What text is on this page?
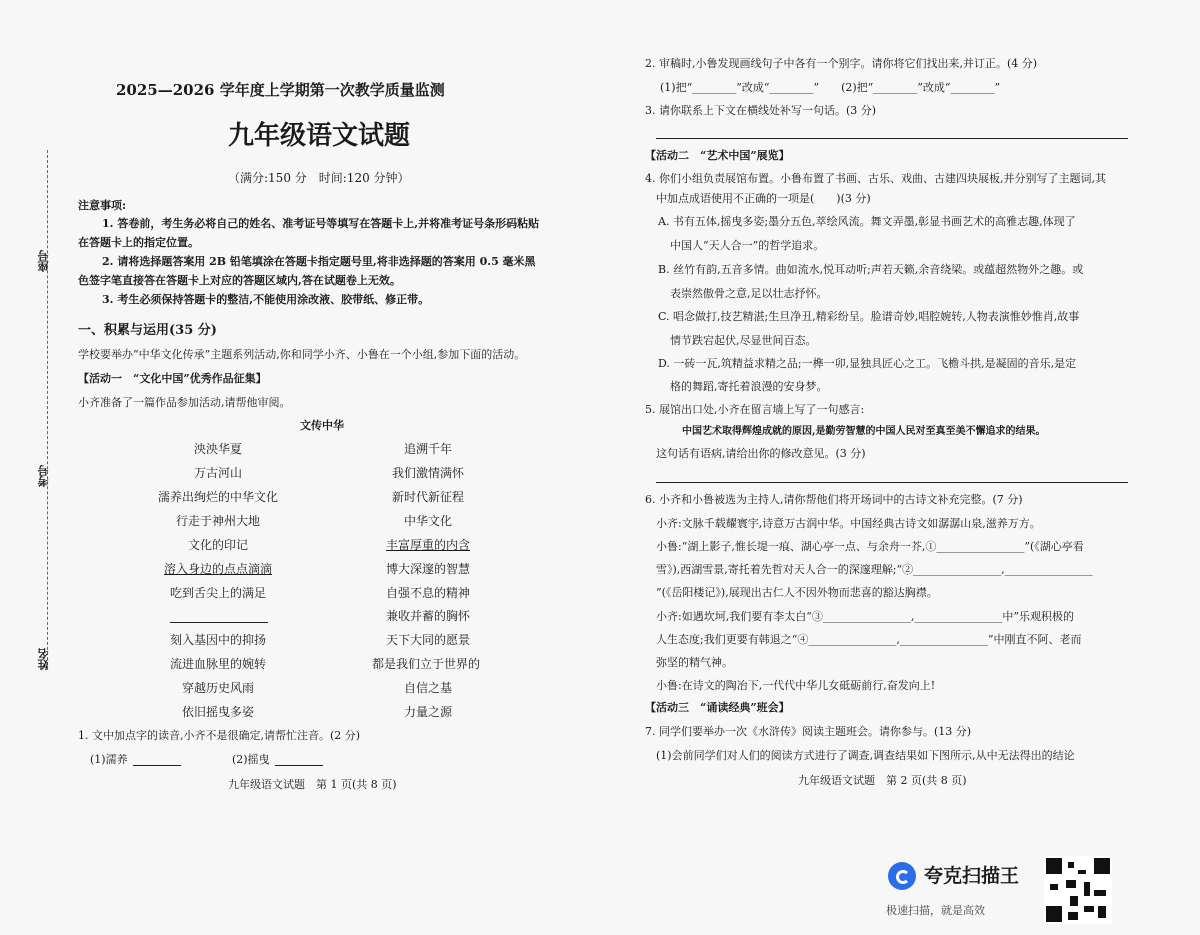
座号
考号
姓名
2025—2026 学年度上学期第一次教学质量监测
九年级语文试题
（满分:150 分　时间:120 分钟）
注意事项:
1. 答卷前，考生务必将自己的姓名、准考证号等填写在答题卡上,并将准考证号条形码粘贴
在答题卡上的指定位置。
2. 请将选择题答案用 2B 铅笔填涂在答题卡指定题号里,将非选择题的答案用 0.5 毫米黑
色签字笔直接答在答题卡上对应的答题区域内,答在试题卷上无效。
3. 考生必须保持答题卡的整洁,不能使用涂改液、胶带纸、修正带。
一、积累与运用(35 分)
学校要举办“中华文化传承”主题系列活动,你和同学小齐、小鲁在一个小组,参加下面的活动。
【活动一　“文化中国”优秀作品征集】
小齐准备了一篇作品参加活动,请帮他审阅。
文传中华
泱泱华夏
万古河山
濡养出绚烂的中华文化
行走于神州大地
文化的印记
溶入身边的点点滴滴
吃到舌尖上的满足
刻入基因中的抑扬
流进血脉里的婉转
穿越历史风雨
依旧摇曳多姿
追溯千年
我们激情满怀
新时代新征程
中华文化
丰富厚重的内含
博大深邃的智慧
自强不息的精神
兼收并蓄的胸怀
天下大同的愿景
都是我们立于世界的
自信之基
力量之源
1. 文中加点字的读音,小齐不是很确定,请帮忙注音。(2 分)
(1)濡养	(2)摇曳
九年级语文试题　第 1 页(共 8 页)
2. 审稿时,小鲁发现画线句子中各有一个别字。请你将它们找出来,并订正。(4 分)
(1)把“________”改成“________”　　(2)把“________”改成“________”
3. 请你联系上下文在横线处补写一句话。(3 分)
【活动二　“艺术中国”展览】
4. 你们小组负责展馆布置。小鲁布置了书画、古乐、戏曲、古建四块展板,并分别写了主题词,其
中加点成语使用不正确的一项是(　　)(3 分)
A. 书有五体,摇曳多姿;墨分五色,萃绘风流。舞文弄墨,彰显书画艺术的高雅志趣,体现了
中国人“天人合一”的哲学追求。
B. 丝竹有韵,五音多情。曲如流水,悦耳动听;声若天籁,余音绕梁。或蕴超然物外之趣。或
表崇然傲骨之意,足以壮志抒怀。
C. 唱念做打,技艺精湛;生旦净丑,精彩纷呈。脸谱奇妙,唱腔婉转,人物表演惟妙惟肖,故事
情节跌宕起伏,尽显世间百态。
D. 一砖一瓦,筑精益求精之品;一榫一卯,显独具匠心之工。飞檐斗拱,是凝固的音乐,是定
格的舞蹈,寄托着浪漫的安身梦。
5. 展馆出口处,小齐在留言墙上写了一句感言:
中国艺术取得辉煌成就的原因,是勤劳智慧的中国人民对至真至美不懈追求的结果。
这句话有语病,请给出你的修改意见。(3 分)
6. 小齐和小鲁被选为主持人,请你帮他们将开场词中的古诗文补充完整。(7 分)
小齐:文脉千载耀寰宇,诗意万古润中华。中国经典古诗文如潺潺山泉,滋养万方。
小鲁:“湖上影子,惟长堤一痕、湖心亭一点、与余舟一芥,①________________”(《湖心亭看
雪》),西湖雪景,寄托着先哲对天人合一的深邃理解;“②________________,________________
”(《岳阳楼记》),展现出古仁人不因外物而悲喜的豁达胸襟。
小齐:如遇坎坷,我们要有李太白“③________________,________________中”乐观积极的
人生态度;我们更要有韩退之“④________________,________________”中刚直不阿、老而
弥坚的精气神。
小鲁:在诗文的陶冶下,一代代中华儿女砥砺前行,奋发向上!
【活动三　“诵读经典”班会】
7. 同学们要举办一次《水浒传》阅读主题班会。请你参与。(13 分)
(1)会前同学们对人们的阅读方式进行了调查,调查结果如下图所示,从中无法得出的结论
九年级语文试题　第 2 页(共 8 页)
夸克扫描王
极速扫描，就是高效
